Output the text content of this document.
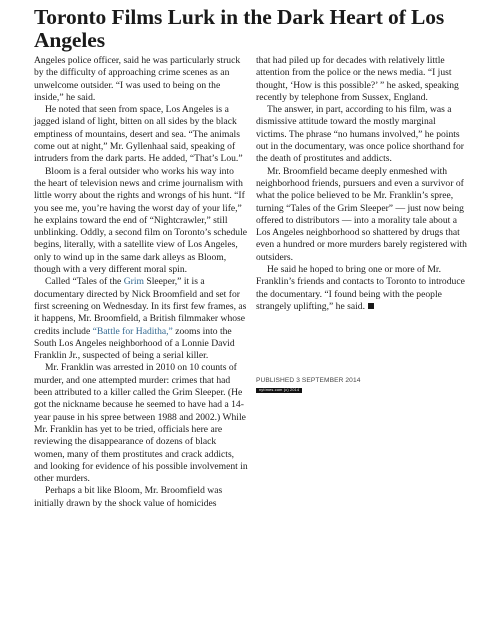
Toronto Films Lurk in the Dark Heart of Los Angeles

Angeles police officer, said he was particularly struck by the difficulty of approaching crime scenes as an unwelcome outsider. “I was used to being on the inside,” he said.

He noted that seen from space, Los Angeles is a jagged island of light, bitten on all sides by the black emptiness of mountains, desert and sea. “The animals come out at night,” Mr. Gyllenhaal said, speaking of intruders from the dark parts. He added, “That’s Lou.”

Bloom is a feral outsider who works his way into the heart of television news and crime journalism with little worry about the rights and wrongs of his hunt. “If you see me, you’re having the worst day of your life,” he explains toward the end of “Nightcrawler,” still unblinking. Oddly, a second film on Toronto’s schedule begins, literally, with a satellite view of Los Angeles, only to wind up in the same dark alleys as Bloom, though with a very different moral spin.

Called “Tales of the Grim Sleeper,” it is a documentary directed by Nick Broomfield and set for first screening on Wednesday. In its first few frames, as it happens, Mr. Broomfield, a British filmmaker whose credits include “Battle for Haditha,” zooms into the South Los Angeles neighborhood of a Lonnie David Franklin Jr., suspected of being a serial killer.

Mr. Franklin was arrested in 2010 on 10 counts of murder, and one attempted murder: crimes that had been attributed to a killer called the Grim Sleeper. (He got the nickname because he seemed to have had a 14-year pause in his spree between 1988 and 2002.) While Mr. Franklin has yet to be tried, officials here are reviewing the disappearance of dozens of black women, many of them prostitutes and crack addicts, and looking for evidence of his possible involvement in other murders.

Perhaps a bit like Bloom, Mr. Broomfield was initially drawn by the shock value of homicides

that had piled up for decades with relatively little attention from the police or the news media. “I just thought, ‘How is this possible?’ ” he asked, speaking recently by telephone from Sussex, England.

The answer, in part, according to his film, was a dismissive attitude toward the mostly marginal victims. The phrase “no humans involved,” he points out in the documentary, was once police shorthand for the death of prostitutes and addicts.

Mr. Broomfield became deeply enmeshed with neighborhood friends, pursuers and even a survivor of what the police believed to be Mr. Franklin’s spree, turning “Tales of the Grim Sleeper” — just now being offered to distributors — into a morality tale about a Los Angeles neighborhood so shattered by drugs that even a hundred or more murders barely registered with outsiders.

He said he hoped to bring one or more of Mr. Franklin’s friends and contacts to Toronto to introduce the documentary. “I found being with the people strangely uplifting,” he said.

PUBLISHED 3 SEPTEMBER 2014
nytimes.com (c) 2014
